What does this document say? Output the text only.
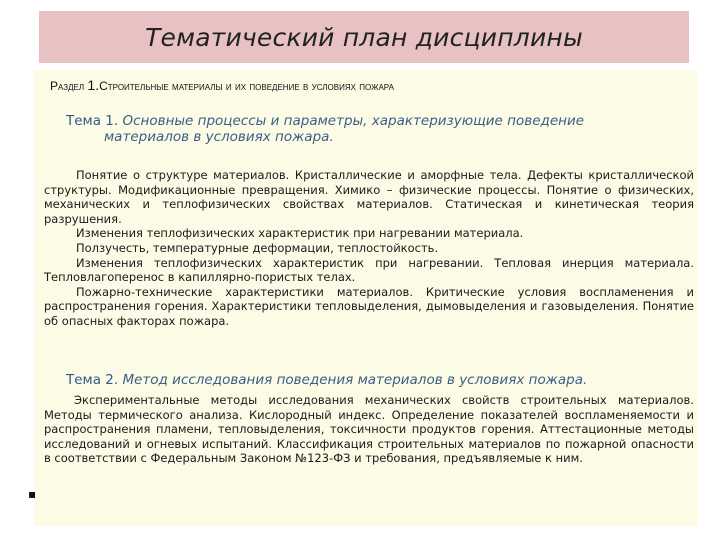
Тематический план дисциплины
Раздел 1.Строительные материалы и их поведение в условиях пожара
Тема 1. Основные процессы и параметры, характеризующие поведение
материалов в условиях пожара.

Понятие о структуре материалов. Кристаллические и аморфные тела. Дефекты кристаллической структуры. Модификационные превращения. Химико – физические процессы. Понятие о физических, механических и теплофизических свойствах материалов. Статическая и кинетическая теория разрушения.

Изменения теплофизических характеристик при нагревании материала.

Ползучесть, температурные деформации, теплостойкость.

Изменения теплофизических характеристик при нагревании. Тепловая инерция материала. Тепловлагоперенос в капиллярно-пористых телах.

Пожарно-технические характеристики материалов. Критические условия воспламенения и распространения горения. Характеристики тепловыделения, дымовыделения и газовыделения. Понятие об опасных факторах пожара.

Тема 2. Метод исследования поведения материалов в условиях пожара.

Экспериментальные методы исследования механических свойств строительных материалов. Методы термического анализа. Кислородный индекс. Определение показателей воспламеняемости и распространения пламени, тепловыделения, токсичности продуктов горения. Аттестационные методы исследований и огневых испытаний. Классификация строительных материалов по пожарной опасности в соответствии с Федеральным Законом №123-ФЗ и требования, предъявляемые к ним.

▪
